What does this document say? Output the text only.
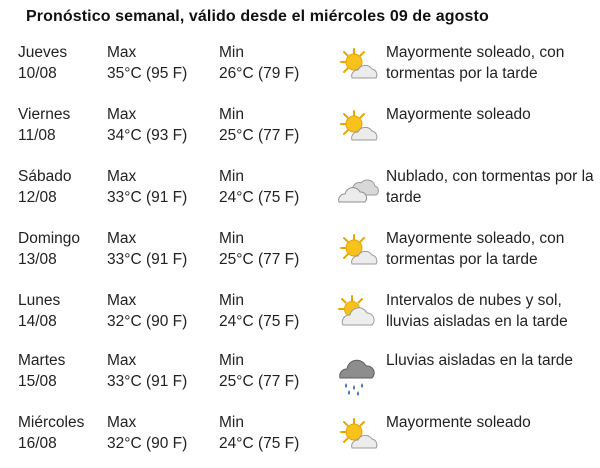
Pronóstico semanal, válido desde el miércoles 09 de agosto
Jueves
10/08
Max
35°C (95 F)
Min
26°C (79 F)
Mayormente soleado, con tormentas por la tarde
Viernes
11/08
Max
34°C (93 F)
Min
25°C (77 F)
Mayormente soleado
Sábado
12/08
Max
33°C (91 F)
Min
24°C (75 F)
Nublado, con tormentas por la tarde
Domingo
13/08
Max
33°C (91 F)
Min
25°C (77 F)
Mayormente soleado, con tormentas por la tarde
Lunes
14/08
Max
32°C (90 F)
Min
24°C (75 F)
Intervalos de nubes y sol, lluvias aisladas en la tarde
Martes
15/08
Max
33°C (91 F)
Min
25°C (77 F)
Lluvias aisladas en la tarde
Miércoles
16/08
Max
32°C (90 F)
Min
24°C (75 F)
Mayormente soleado
